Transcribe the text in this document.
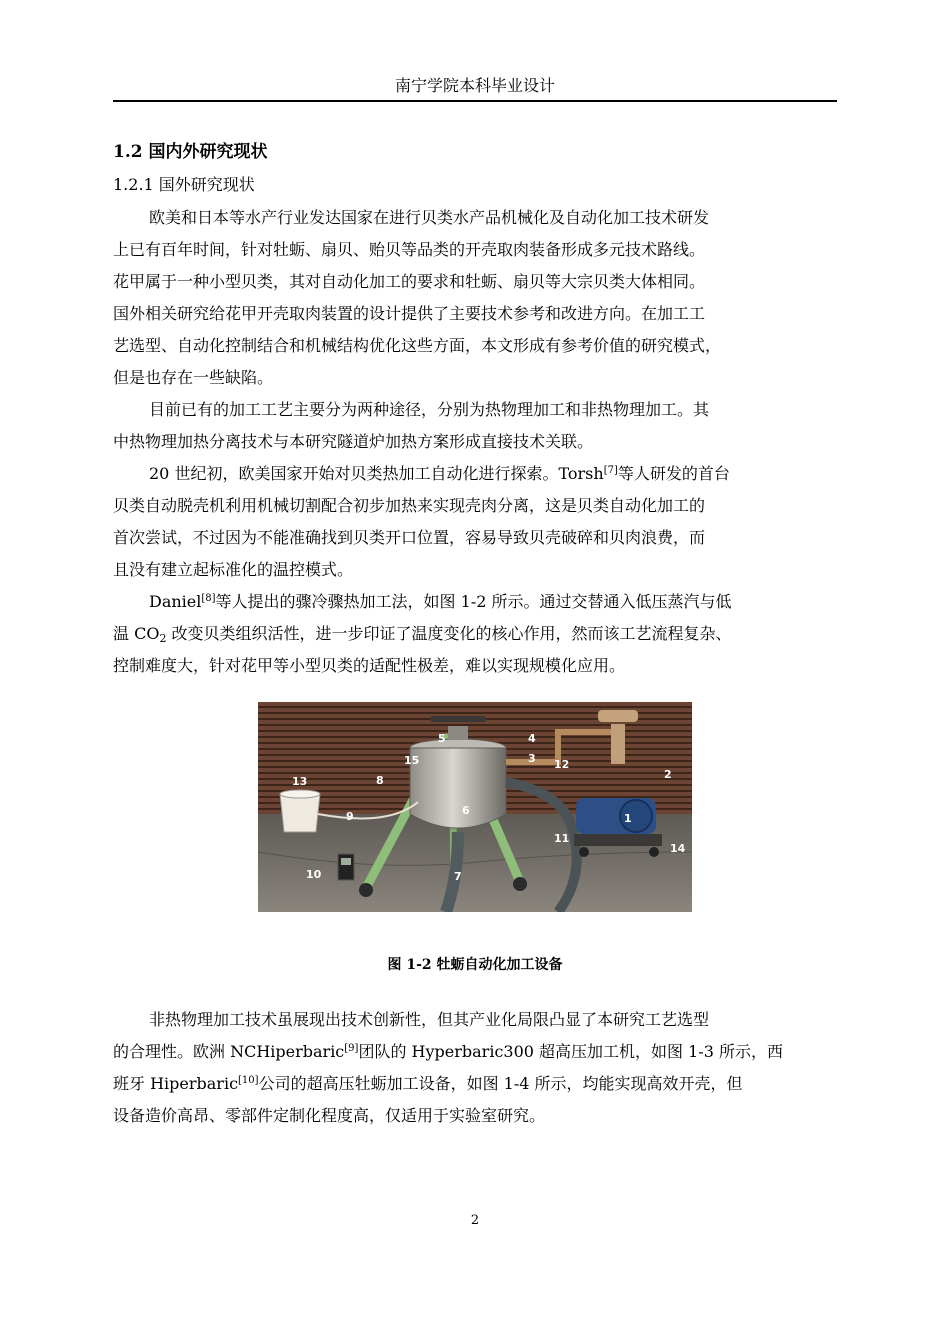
南宁学院本科毕业设计
1.2 国内外研究现状
1.2.1 国外研究现状
欧美和日本等水产行业发达国家在进行贝类水产品机械化及自动化加工技术研发
上已有百年时间，针对牡蛎、扇贝、贻贝等品类的开壳取肉装备形成多元技术路线。
花甲属于一种小型贝类，其对自动化加工的要求和牡蛎、扇贝等大宗贝类大体相同。
国外相关研究给花甲开壳取肉装置的设计提供了主要技术参考和改进方向。在加工工
艺选型、自动化控制结合和机械结构优化这些方面，本文形成有参考价值的研究模式，
但是也存在一些缺陷。
目前已有的加工工艺主要分为两种途径，分别为热物理加工和非热物理加工。其
中热物理加热分离技术与本研究隧道炉加热方案形成直接技术关联。
20 世纪初，欧美国家开始对贝类热加工自动化进行探索。Torsh[7]等人研发的首台
贝类自动脱壳机利用机械切割配合初步加热来实现壳肉分离，这是贝类自动化加工的
首次尝试，不过因为不能准确找到贝类开口位置，容易导致贝壳破碎和贝肉浪费，而
且没有建立起标准化的温控模式。
Daniel[8]等人提出的骤冷骤热加工法，如图 1-2 所示。通过交替通入低压蒸汽与低
温 $CO_2$ 改变贝类组织活性，进一步印证了温度变化的核心作用，然而该工艺流程复杂、
控制难度大，针对花甲等小型贝类的适配性极差，难以实现规模化应用。
13	8
9
10
15
5
6
4
3
11
12
2
1
14
7
图 1-2 牡蛎自动化加工设备
非热物理加工技术虽展现出技术创新性，但其产业化局限凸显了本研究工艺选型
的合理性。欧洲 NCHiperbaric[9]团队的 Hyperbaric300 超高压加工机，如图 1-3 所示，西
班牙 Hiperbaric[10]公司的超高压牡蛎加工设备，如图 1-4 所示，均能实现高效开壳，但
设备造价高昂、零部件定制化程度高，仅适用于实验室研究。
2
